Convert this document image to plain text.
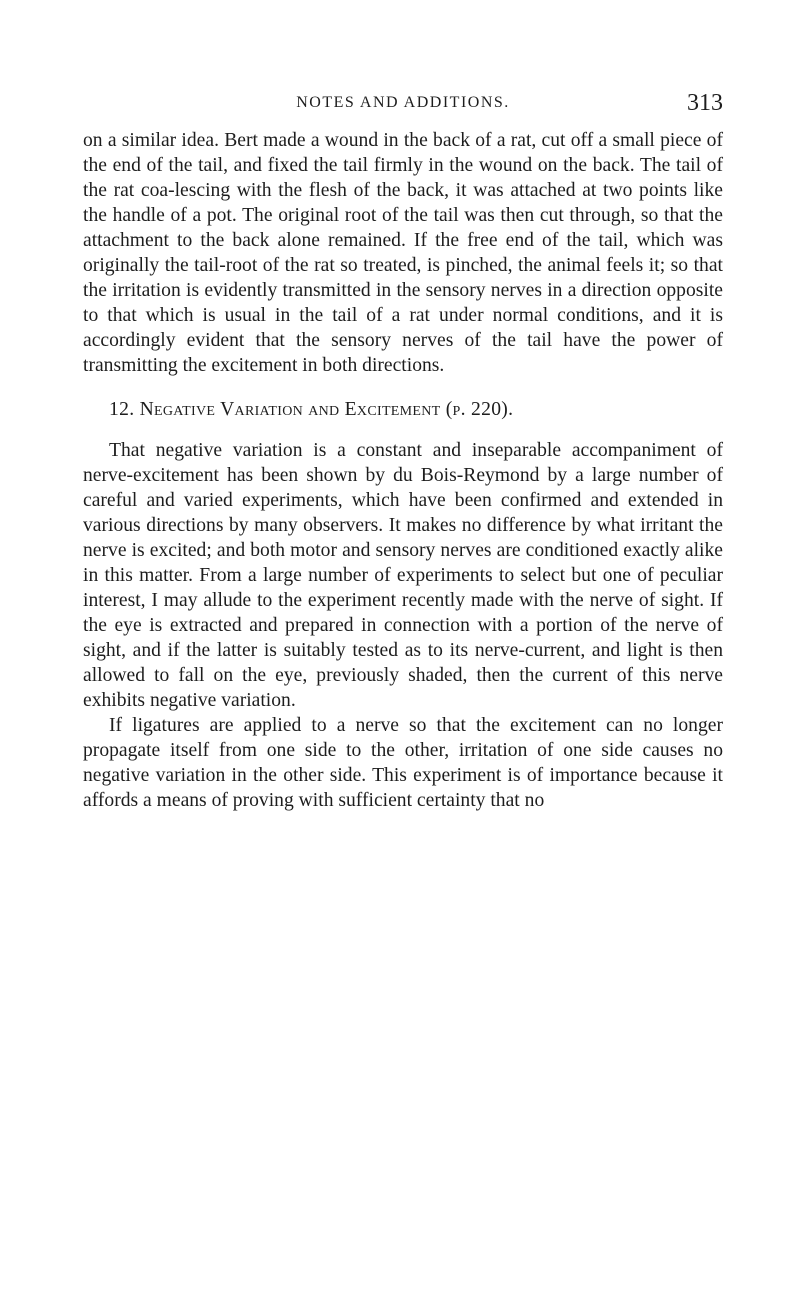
NOTES AND ADDITIONS.	313

on a similar idea. Bert made a wound in the back of a rat, cut off a small piece of the end of the tail, and fixed the tail firmly in the wound on the back. The tail of the rat coa-lescing with the flesh of the back, it was attached at two points like the handle of a pot. The original root of the tail was then cut through, so that the attachment to the back alone remained. If the free end of the tail, which was originally the tail-root of the rat so treated, is pinched, the animal feels it; so that the irritation is evidently transmitted in the sensory nerves in a direction opposite to that which is usual in the tail of a rat under normal conditions, and it is accordingly evident that the sensory nerves of the tail have the power of transmitting the excitement in both directions.

12. Negative Variation and Excitement (p. 220).

That negative variation is a constant and inseparable accompaniment of nerve-excitement has been shown by du Bois-Reymond by a large number of careful and varied experiments, which have been confirmed and extended in various directions by many observers. It makes no difference by what irritant the nerve is excited; and both motor and sensory nerves are conditioned exactly alike in this matter. From a large number of experiments to select but one of peculiar interest, I may allude to the experiment recently made with the nerve of sight. If the eye is extracted and prepared in connection with a portion of the nerve of sight, and if the latter is suitably tested as to its nerve-current, and light is then allowed to fall on the eye, previously shaded, then the current of this nerve exhibits negative variation.

If ligatures are applied to a nerve so that the excitement can no longer propagate itself from one side to the other, irritation of one side causes no negative variation in the other side. This experiment is of importance because it affords a means of proving with sufficient certainty that no
